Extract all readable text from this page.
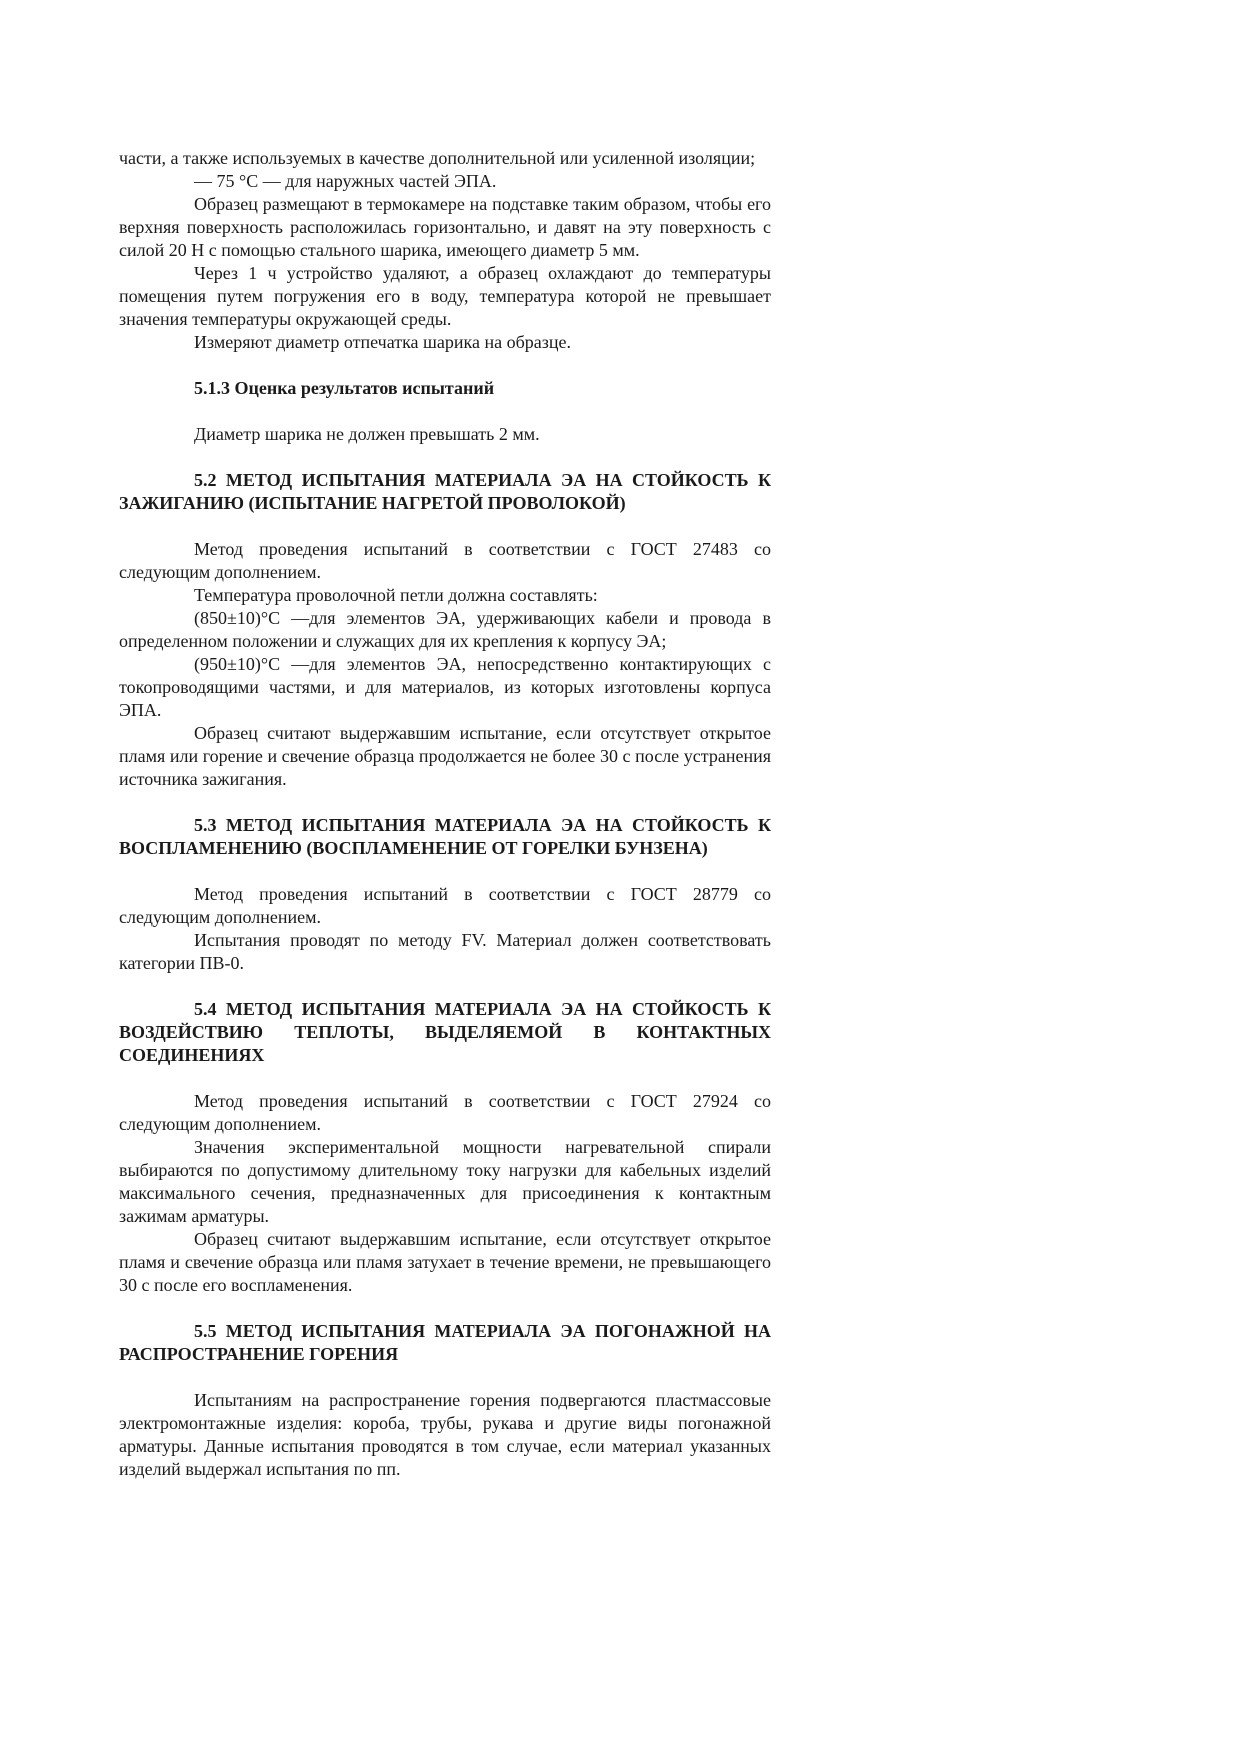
части, а также используемых в качестве дополнительной или усиленной изоляции;

— 75 °С — для наружных частей ЭПА.

Образец размещают в термокамере на подставке таким образом, чтобы его верхняя поверхность расположилась горизонтально, и давят на эту поверхность с силой 20 Н с помощью стального шарика, имеющего диаметр 5 мм.

Через 1 ч устройство удаляют, а образец охлаждают до температуры помещения путем погружения его в воду, температура которой не превышает значения температуры окружающей среды.

Измеряют диаметр отпечатка шарика на образце.

5.1.3 Оценка результатов испытаний

Диаметр шарика не должен превышать 2 мм.

5.2 МЕТОД ИСПЫТАНИЯ МАТЕРИАЛА ЭА НА СТОЙКОСТЬ К ЗАЖИГАНИЮ (ИСПЫТАНИЕ НАГРЕТОЙ ПРОВОЛОКОЙ)

Метод проведения испытаний в соответствии с ГОСТ 27483 со следующим дополнением.

Температура проволочной петли должна составлять:

(850±10)°С —для элементов ЭА, удерживающих кабели и провода в определенном положении и служащих для их крепления к корпусу ЭА;

(950±10)°С —для элементов ЭА, непосредственно контактирующих с токопроводящими частями, и для материалов, из которых изготовлены корпуса ЭПА.

Образец считают выдержавшим испытание, если отсутствует открытое пламя или горение и свечение образца продолжается не более 30 с после устранения источника зажигания.

5.3 МЕТОД ИСПЫТАНИЯ МАТЕРИАЛА ЭА НА СТОЙКОСТЬ К ВОСПЛАМЕНЕНИЮ (ВОСПЛАМЕНЕНИЕ ОТ ГОРЕЛКИ БУНЗЕНА)

Метод проведения испытаний в соответствии с ГОСТ 28779 со следующим дополнением.

Испытания проводят по методу FV. Материал должен соответствовать категории ПВ-0.

5.4 МЕТОД ИСПЫТАНИЯ МАТЕРИАЛА ЭА НА СТОЙКОСТЬ К ВОЗДЕЙСТВИЮ ТЕПЛОТЫ, ВЫДЕЛЯЕМОЙ В КОНТАКТНЫХ СОЕДИНЕНИЯХ

Метод проведения испытаний в соответствии с ГОСТ 27924 со следующим дополнением.

Значения экспериментальной мощности нагревательной спирали выбираются по допустимому длительному току нагрузки для кабельных изделий максимального сечения, предназначенных для присоединения к контактным зажимам арматуры.

Образец считают выдержавшим испытание, если отсутствует открытое пламя и свечение образца или пламя затухает в течение времени, не превышающего 30 с после его воспламенения.

5.5 МЕТОД ИСПЫТАНИЯ МАТЕРИАЛА ЭА ПОГОНАЖНОЙ НА РАСПРОСТРАНЕНИЕ ГОРЕНИЯ

Испытаниям на распространение горения подвергаются пластмассовые электромонтажные изделия: короба, трубы, рукава и другие виды погонажной арматуры. Данные испытания проводятся в том случае, если материал указанных изделий выдержал испытания по пп.
